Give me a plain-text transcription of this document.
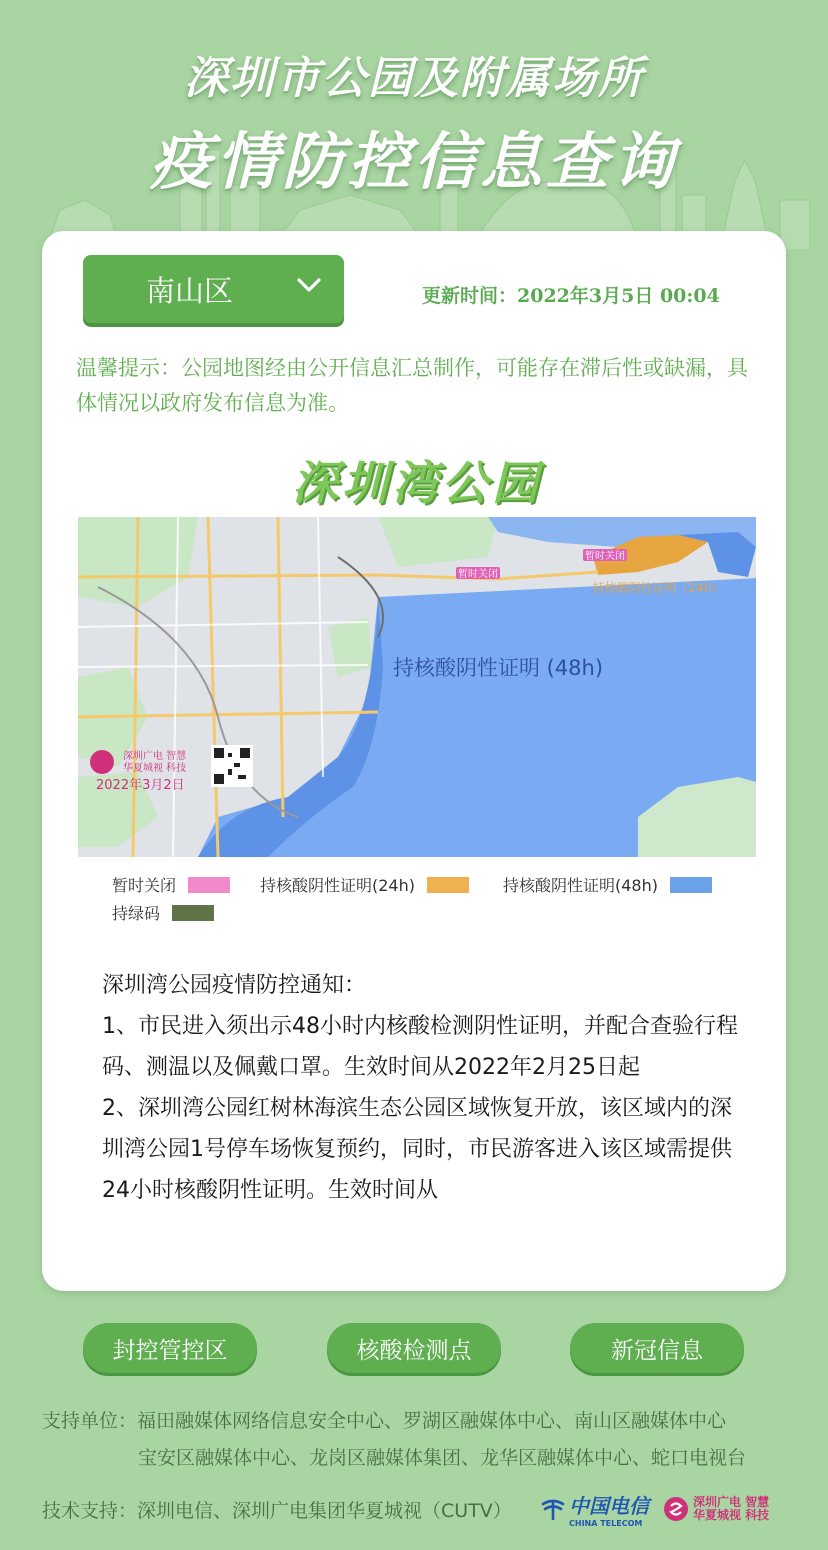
深圳市公园及附属场所
疫情防控信息查询
南山区	更新时间：2022年3月5日 00:04
温馨提示：公园地图经由公开信息汇总制作，可能存在滞后性或缺漏，具体情况以政府发布信息为准。
深圳湾公园
暂时关闭
暂时关闭
持核酸阴性证明（24h）
持核酸阴性证明 (48h)
深圳广电 智慧
华夏城视 科技
2022年3月2日
暂时关闭	持核酸阴性证明(24h)	持核酸阴性证明(48h)
持绿码

深圳湾公园疫情防控通知：

1、市民进入须出示48小时内核酸检测阴性证明，并配合查验行程码、测温以及佩戴口罩。生效时间从2022年2月25日起

2、深圳湾公园红树林海滨生态公园区域恢复开放，该区域内的深圳湾公园1号停车场恢复预约，同时，市民游客进入该区域需提供24小时核酸阴性证明。生效时间从

封控管控区	核酸检测点	新冠信息
支持单位：福田融媒体网络信息安全中心、罗湖区融媒体中心、南山区融媒体中心
宝安区融媒体中心、龙岗区融媒体集团、龙华区融媒体中心、蛇口电视台
技术支持：深圳电信、深圳广电集团华夏城视（CUTV）	中国电信
CHINA TELECOM
深圳广电 智慧
华夏城视 科技
